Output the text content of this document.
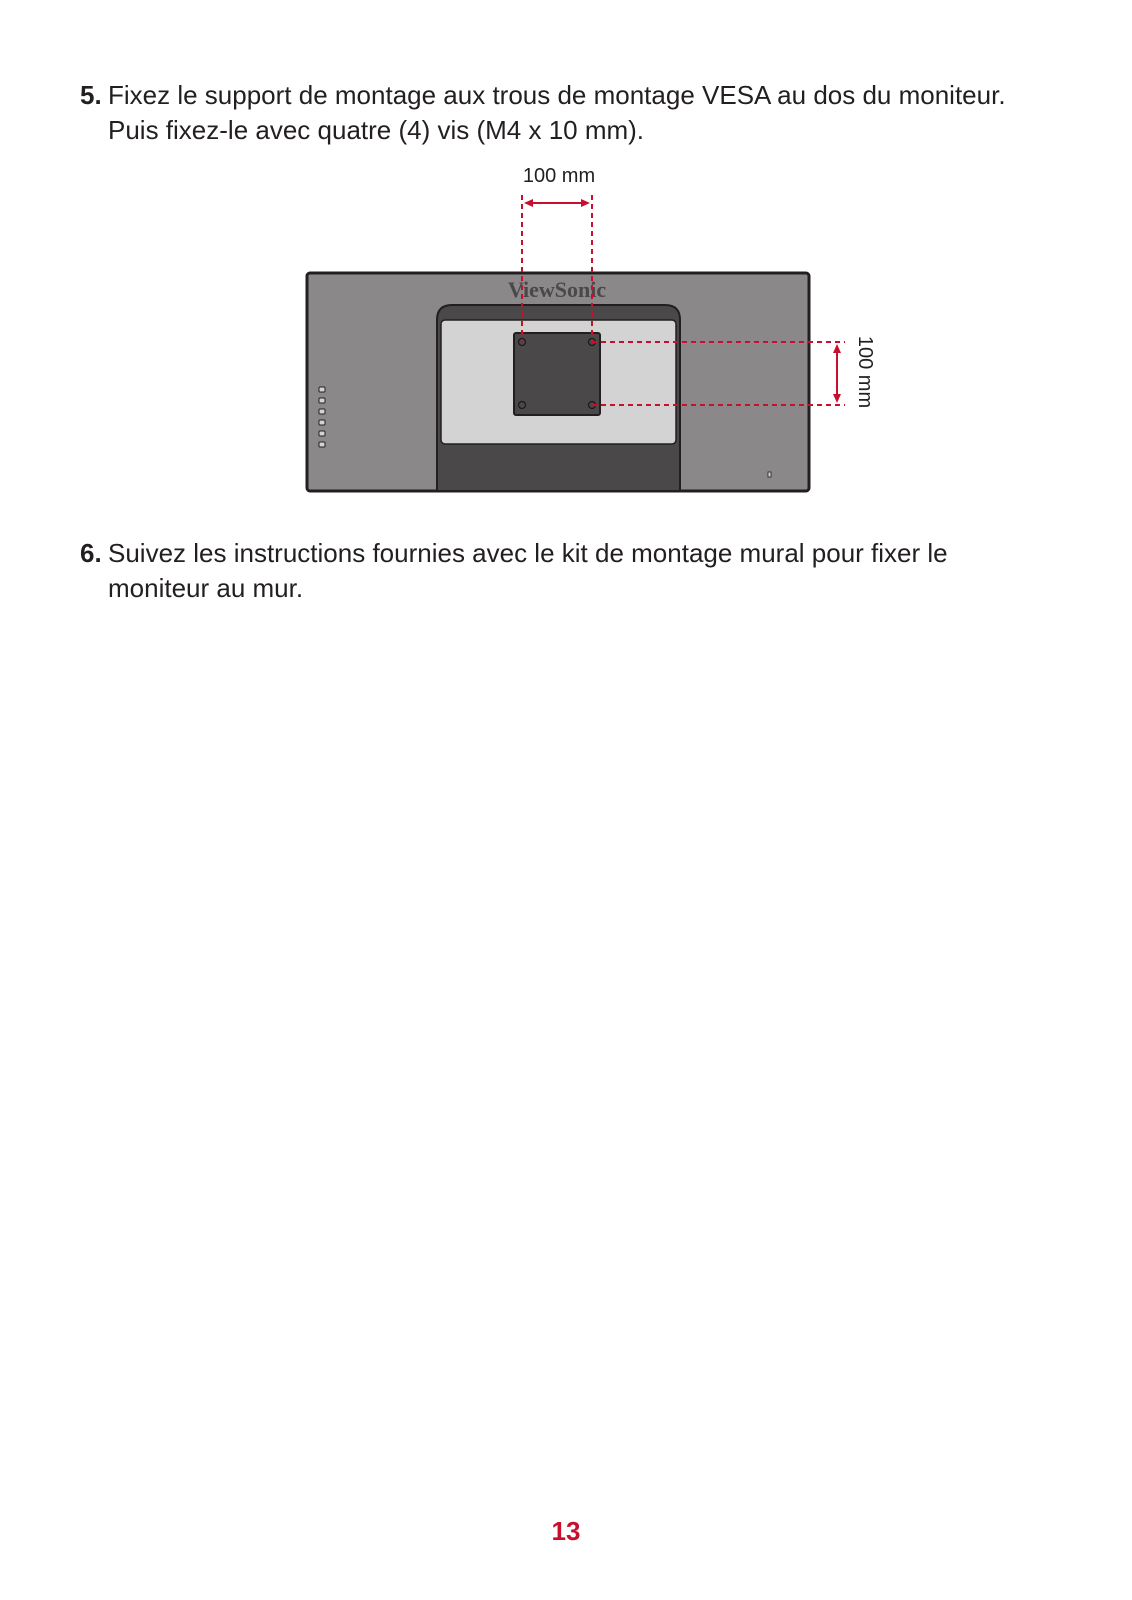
5. Fixez le support de montage aux trous de montage VESA au dos du moniteur. Puis fixez-le avec quatre (4) vis (M4 x 10 mm).
ViewSonic
100 mm
100 mm
6. Suivez les instructions fournies avec le kit de montage mural pour fixer le moniteur au mur.
13
